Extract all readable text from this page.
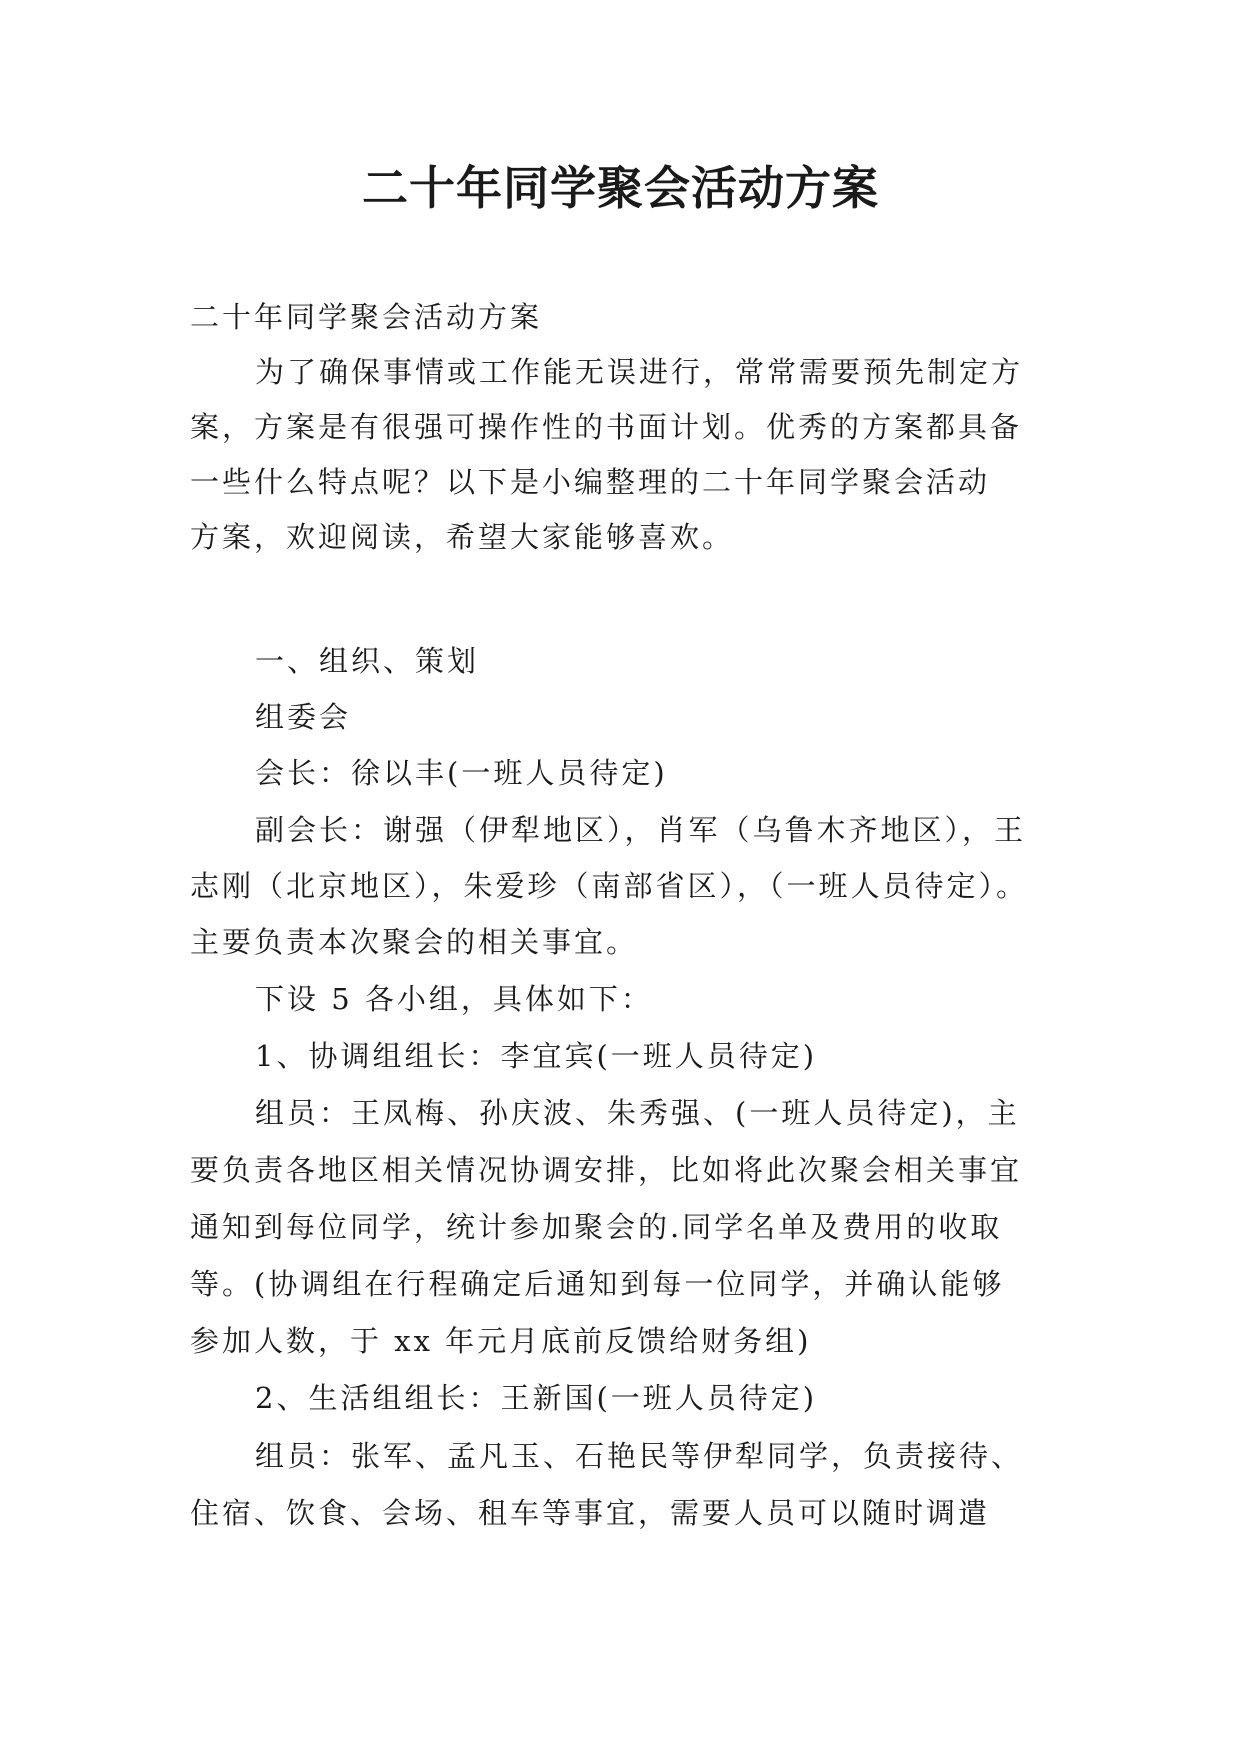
二十年同学聚会活动方案

二十年同学聚会活动方案

为了确保事情或工作能无误进行，常常需要预先制定方

案，方案是有很强可操作性的书面计划。优秀的方案都具备

一些什么特点呢？以下是小编整理的二十年同学聚会活动

方案，欢迎阅读，希望大家能够喜欢。

一、组织、策划

组委会

会长：徐以丰(一班人员待定)

副会长：谢强（伊犁地区），肖军（乌鲁木齐地区），王

志刚（北京地区），朱爱珍（南部省区），（一班人员待定）。

主要负责本次聚会的相关事宜。

下设 5 各小组，具体如下：

1、协调组组长：李宜宾(一班人员待定)

组员：王凤梅、孙庆波、朱秀强、(一班人员待定)，主

要负责各地区相关情况协调安排，比如将此次聚会相关事宜

通知到每位同学，统计参加聚会的.同学名单及费用的收取

等。(协调组在行程确定后通知到每一位同学，并确认能够

参加人数，于 xx 年元月底前反馈给财务组)

2、生活组组长：王新国(一班人员待定)

组员：张军、孟凡玉、石艳民等伊犁同学，负责接待、

住宿、饮食、会场、租车等事宜，需要人员可以随时调遣
